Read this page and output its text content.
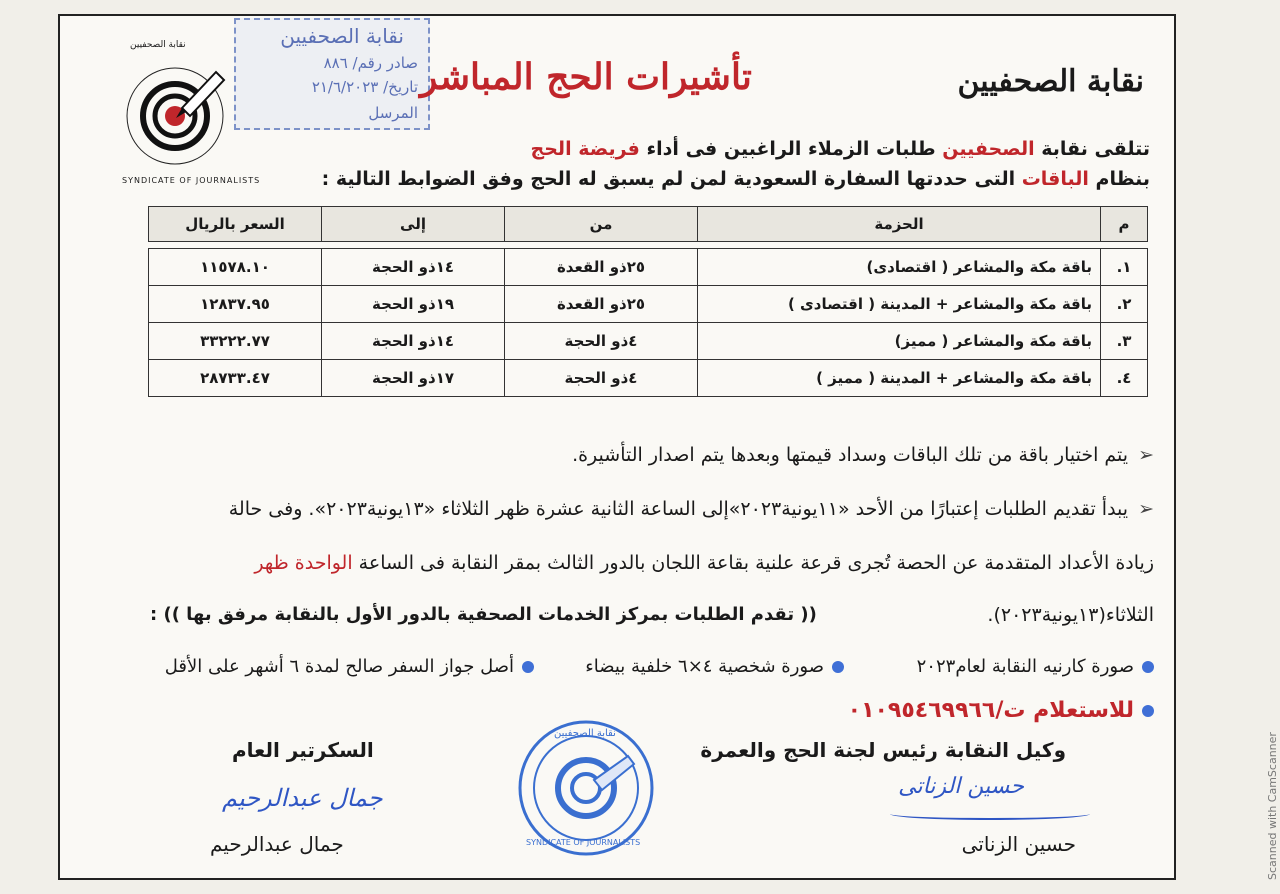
SYNDICATE OF JOURNALISTS
نقابة الصحفيين	نقابة الصحفيين
صادر رقم/ ٨٨٦
تاريخ/ ٢١/٦/٢٠٢٣
المرسل
تأشيرات الحج المباشر	نقابة الصحفيين
تتلقى نقابة الصحفيين طلبات الزملاء الراغبين فى أداء فريضة الحج
بنظام الباقات التى حددتها السفارة السعودية لمن لم يسبق له الحج وفق الضوابط التالية :
م	الحزمة	من	إلى	السعر بالريال

١.	باقة مكة والمشاعر ( اقتصادى)	٢٥ذو القعدة	١٤ذو الحجة	١١٥٧٨.١٠
٢.	باقة مكة والمشاعر + المدينة ( اقتصادى )	٢٥ذو القعدة	١٩ذو الحجة	١٢٨٣٧.٩٥
٣.	باقة مكة والمشاعر ( مميز)	٤ذو الحجة	١٤ذو الحجة	٣٣٢٢٢.٧٧
٤.	باقة مكة والمشاعر + المدينة ( مميز )	٤ذو الحجة	١٧ذو الحجة	٢٨٧٣٣.٤٧
➢يتم اختيار باقة من تلك الباقات وسداد قيمتها وبعدها يتم اصدار التأشيرة.
➢يبدأ تقديم الطلبات إعتبارًا من الأحد «١١يونية٢٠٢٣»إلى الساعة الثانية عشرة ظهر الثلاثاء «١٣يونية٢٠٢٣». وفى حالة
زيادة الأعداد المتقدمة عن الحصة تُجرى قرعة علنية بقاعة اللجان بالدور الثالث بمقر النقابة فى الساعة الواحدة ظهر
الثلاثاء(١٣يونية٢٠٢٣).
(( تقدم الطلبات بمركز الخدمات الصحفية بالدور الأول بالنقابة مرفق بها )) :
صورة كارنيه النقابة لعام٢٠٢٣
صورة شخصية ٤×٦ خلفية بيضاء
أصل جواز السفر صالح لمدة ٦ أشهر على الأقل
للاستعلام ت/٠١٠٩٥٤٦٩٩٦٦
وكيل النقابة رئيس لجنة الحج والعمرة
حسين الزناتى
حسين الزناتى
نقابة الصحفيين
SYNDICATE OF JOURNALISTS
السكرتير العام
جمال عبدالرحيم
جمال عبدالرحيم	Scanned with CamScanner
